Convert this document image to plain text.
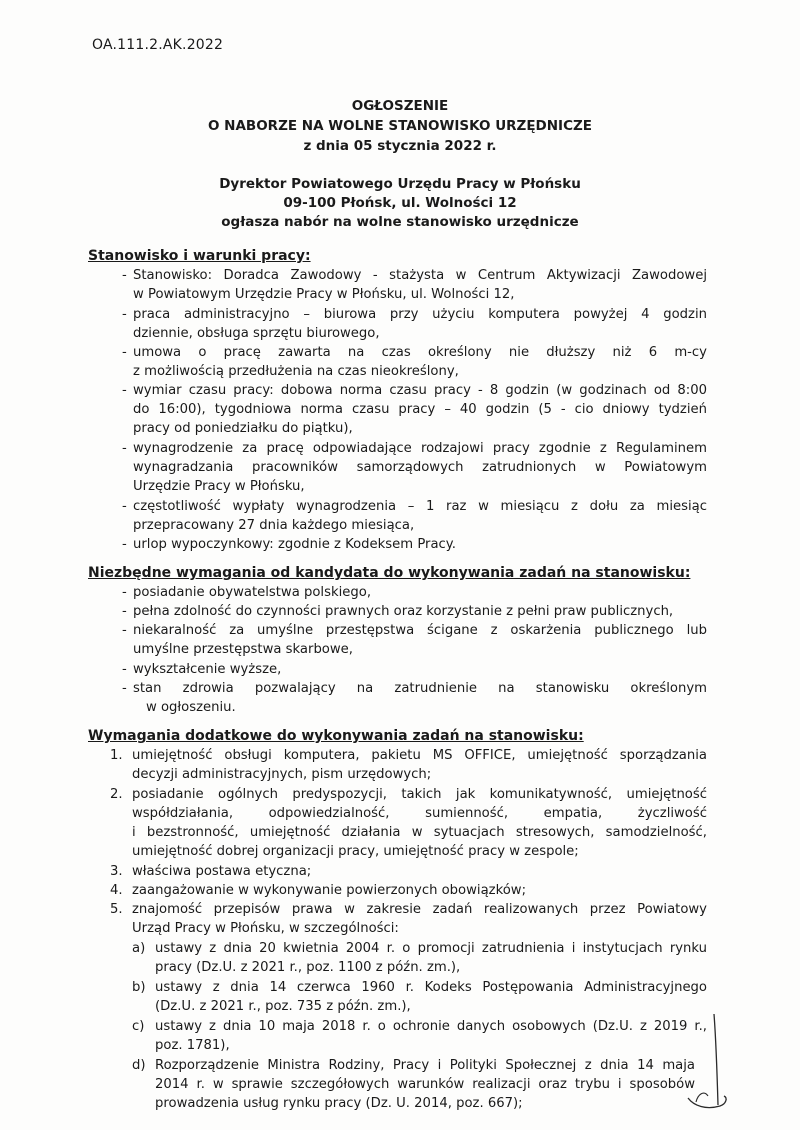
OA.111.2.AK.2022
OGŁOSZENIE
O NABORZE NA WOLNE STANOWISKO URZĘDNICZE
z dnia 05 stycznia 2022 r.
Dyrektor Powiatowego Urzędu Pracy w Płońsku
09-100 Płońsk, ul. Wolności 12
ogłasza nabór na wolne stanowisko urzędnicze
Stanowisko i warunki pracy:
- Stanowisko: Doradca Zawodowy - stażysta w Centrum Aktywizacji Zawodowej
w Powiatowym Urzędzie Pracy w Płońsku, ul. Wolności 12,
- praca administracyjno – biurowa przy użyciu komputera powyżej 4 godzin
dziennie, obsługa sprzętu biurowego,
- umowa o pracę zawarta na czas określony nie dłuższy niż 6 m-cy
z możliwością przedłużenia na czas nieokreślony,
- wymiar czasu pracy: dobowa norma czasu pracy - 8 godzin (w godzinach od 8:00
do 16:00), tygodniowa norma czasu pracy – 40 godzin (5 - cio dniowy tydzień
pracy od poniedziałku do piątku),
- wynagrodzenie za pracę odpowiadające rodzajowi pracy zgodnie z Regulaminem
wynagradzania pracowników samorządowych zatrudnionych w Powiatowym
Urzędzie Pracy w Płońsku,
- częstotliwość wypłaty wynagrodzenia – 1 raz w miesiącu z dołu za miesiąc
przepracowany 27 dnia każdego miesiąca,
- urlop wypoczynkowy: zgodnie z Kodeksem Pracy.
Niezbędne wymagania od kandydata do wykonywania zadań na stanowisku:
- posiadanie obywatelstwa polskiego,
- pełna zdolność do czynności prawnych oraz korzystanie z pełni praw publicznych,
- niekaralność za umyślne przestępstwa ścigane z oskarżenia publicznego lub
umyślne przestępstwa skarbowe,
- wykształcenie wyższe,
- stan zdrowia pozwalający na zatrudnienie na stanowisku określonym
w ogłoszeniu.
Wymagania dodatkowe do wykonywania zadań na stanowisku:
1. umiejętność obsługi komputera, pakietu MS OFFICE, umiejętność sporządzania
decyzji administracyjnych, pism urzędowych;
2. posiadanie ogólnych predyspozycji, takich jak komunikatywność, umiejętność
współdziałania, odpowiedzialność, sumienność, empatia, życzliwość
i bezstronność, umiejętność działania w sytuacjach stresowych, samodzielność,
umiejętność dobrej organizacji pracy, umiejętność pracy w zespole;
3. właściwa postawa etyczna;
4. zaangażowanie w wykonywanie powierzonych obowiązków;
5. znajomość przepisów prawa w zakresie zadań realizowanych przez Powiatowy
Urząd Pracy w Płońsku, w szczególności:
a) ustawy z dnia 20 kwietnia 2004 r. o promocji zatrudnienia i instytucjach rynku
pracy (Dz.U. z 2021 r., poz. 1100 z późn. zm.),
b) ustawy z dnia 14 czerwca 1960 r. Kodeks Postępowania Administracyjnego
(Dz.U. z 2021 r., poz. 735 z późn. zm.),
c) ustawy z dnia 10 maja 2018 r. o ochronie danych osobowych (Dz.U. z 2019 r.,
poz. 1781),
d) Rozporządzenie Ministra Rodziny, Pracy i Polityki Społecznej z dnia 14 maja
2014 r. w sprawie szczegółowych warunków realizacji oraz trybu i sposobów
prowadzenia usług rynku pracy (Dz. U. 2014, poz. 667);
